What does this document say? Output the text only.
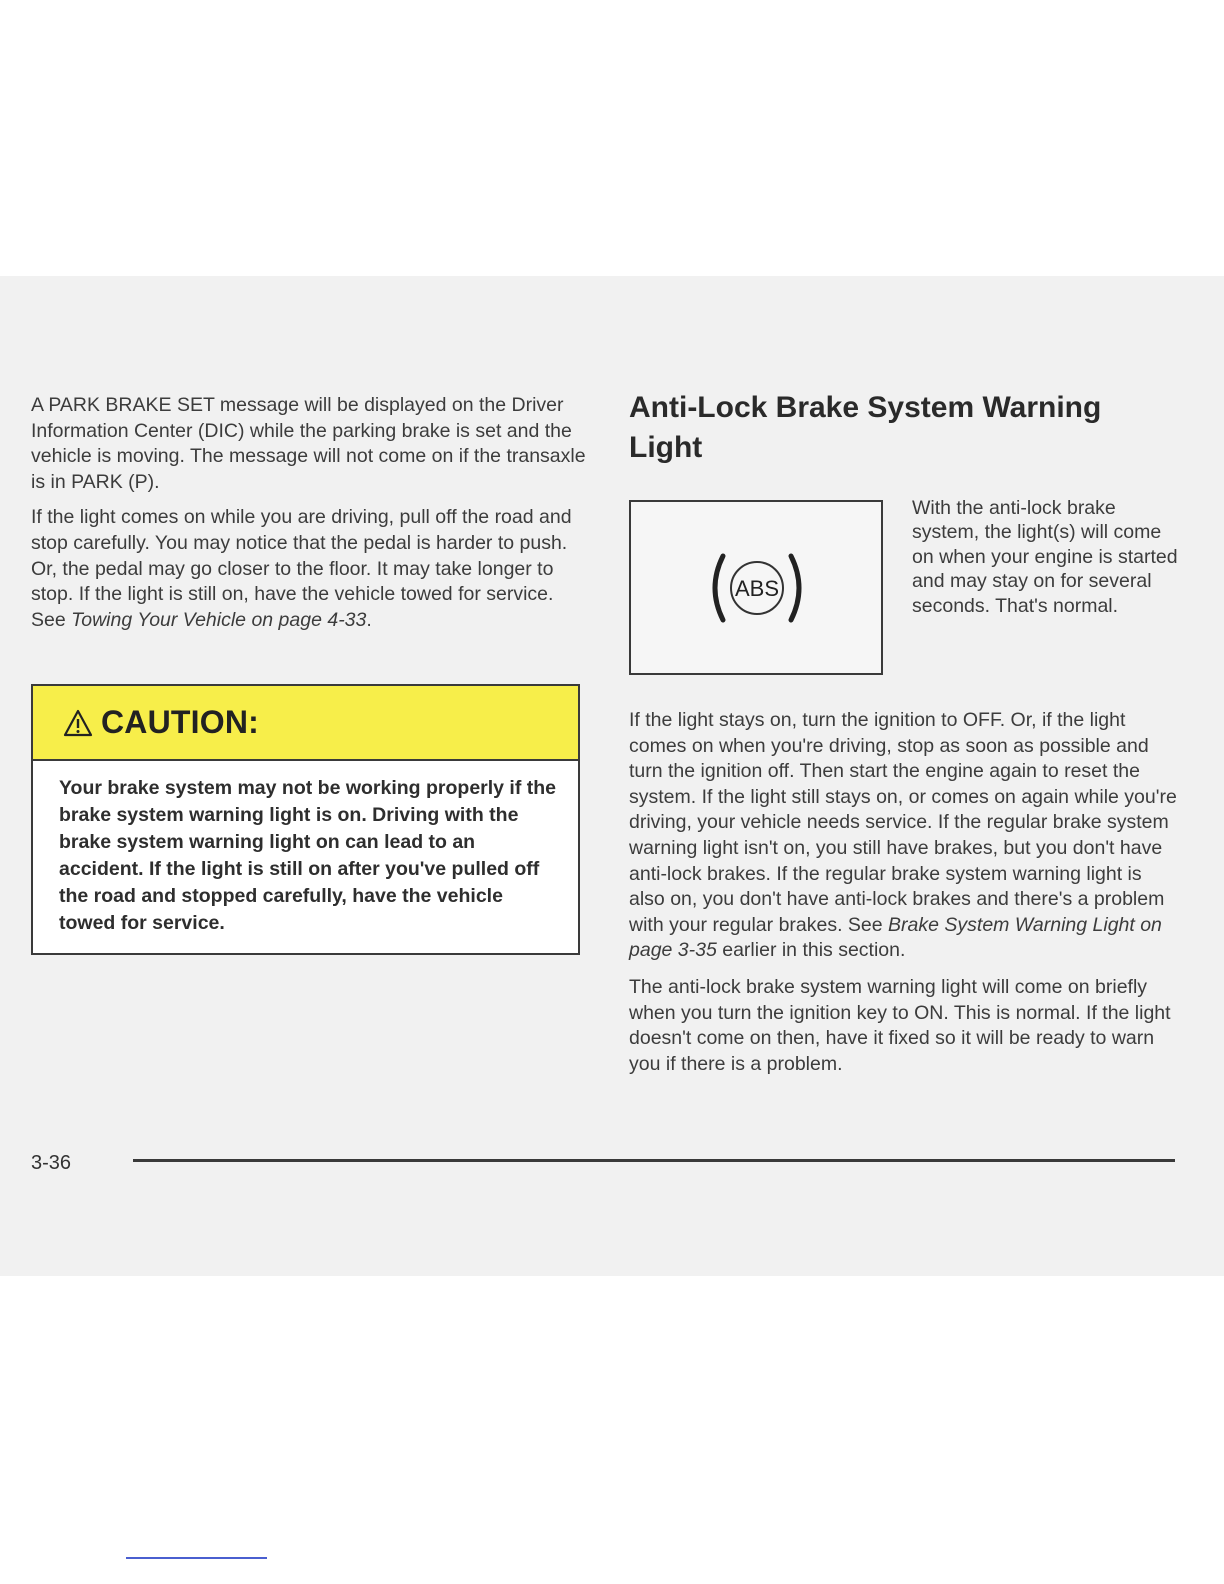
A PARK BRAKE SET message will be displayed on the Driver Information Center (DIC) while the parking brake is set and the vehicle is moving. The message will not come on if the transaxle is in PARK (P).

If the light comes on while you are driving, pull off the road and stop carefully. You may notice that the pedal is harder to push. Or, the pedal may go closer to the floor. It may take longer to stop. If the light is still on, have the vehicle towed for service. See Towing Your Vehicle on page 4-33.

CAUTION:
Your brake system may not be working properly if the brake system warning light is on. Driving with the brake system warning light on can lead to an accident. If the light is still on after you've pulled off the road and stopped carefully, have the vehicle towed for service.
Anti-Lock Brake System Warning Light
ABS

With the anti-lock brake system, the light(s) will come on when your engine is started and may stay on for several seconds. That's normal.

If the light stays on, turn the ignition to OFF. Or, if the light comes on when you're driving, stop as soon as possible and turn the ignition off. Then start the engine again to reset the system. If the light still stays on, or comes on again while you're driving, your vehicle needs service. If the regular brake system warning light isn't on, you still have brakes, but you don't have anti-lock brakes. If the regular brake system warning light is also on, you don't have anti-lock brakes and there's a problem with your regular brakes. See Brake System Warning Light on page 3-35 earlier in this section.

The anti-lock brake system warning light will come on briefly when you turn the ignition key to ON. This is normal. If the light doesn't come on then, have it fixed so it will be ready to warn you if there is a problem.

3-36
